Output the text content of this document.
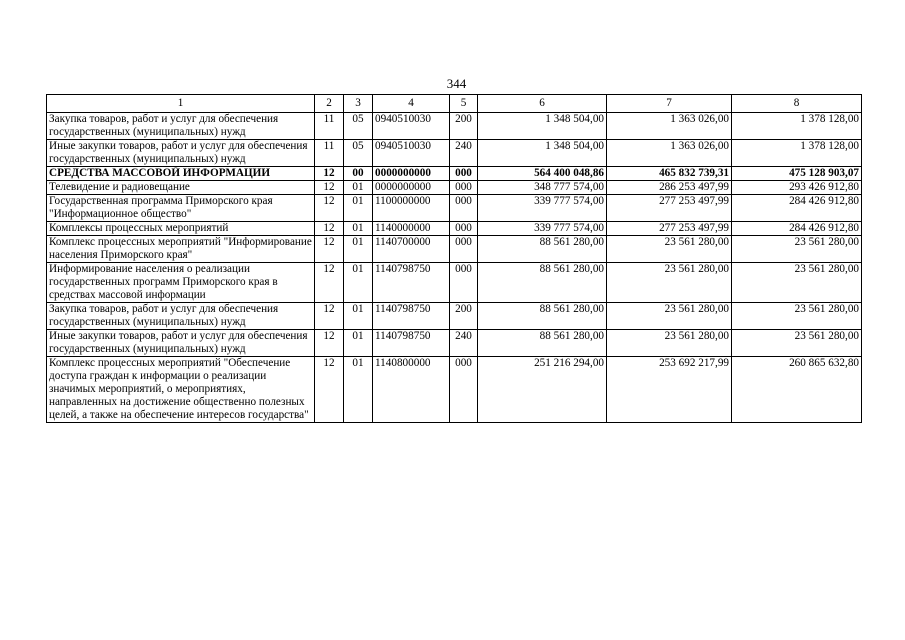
344
1	2	3	4	5	6	7	8
Закупка товаров, работ и услуг для обеспечения государственных (муниципальных) нужд	11	05	0940510030	200	1 348 504,00	1 363 026,00	1 378 128,00
Иные закупки товаров, работ и услуг для обеспечения государственных (муниципальных) нужд	11	05	0940510030	240	1 348 504,00	1 363 026,00	1 378 128,00
СРЕДСТВА МАССОВОЙ ИНФОРМАЦИИ	12	00	0000000000	000	564 400 048,86	465 832 739,31	475 128 903,07
Телевидение и радиовещание	12	01	0000000000	000	348 777 574,00	286 253 497,99	293 426 912,80
Государственная программа Приморского края "Информационное общество"	12	01	1100000000	000	339 777 574,00	277 253 497,99	284 426 912,80
Комплексы процессных мероприятий	12	01	1140000000	000	339 777 574,00	277 253 497,99	284 426 912,80
Комплекс процессных мероприятий "Информирование населения Приморского края"	12	01	1140700000	000	88 561 280,00	23 561 280,00	23 561 280,00
Информирование населения о реализации государственных программ Приморского края в средствах массовой информации	12	01	1140798750	000	88 561 280,00	23 561 280,00	23 561 280,00
Закупка товаров, работ и услуг для обеспечения государственных (муниципальных) нужд	12	01	1140798750	200	88 561 280,00	23 561 280,00	23 561 280,00
Иные закупки товаров, работ и услуг для обеспечения государственных (муниципальных) нужд	12	01	1140798750	240	88 561 280,00	23 561 280,00	23 561 280,00
Комплекс процессных мероприятий "Обеспечение доступа граждан к информации о реализации значимых мероприятий, о мероприятиях, направленных на достижение общественно полезных целей, а также на обеспечение интересов государства"	12	01	1140800000	000	251 216 294,00	253 692 217,99	260 865 632,80
